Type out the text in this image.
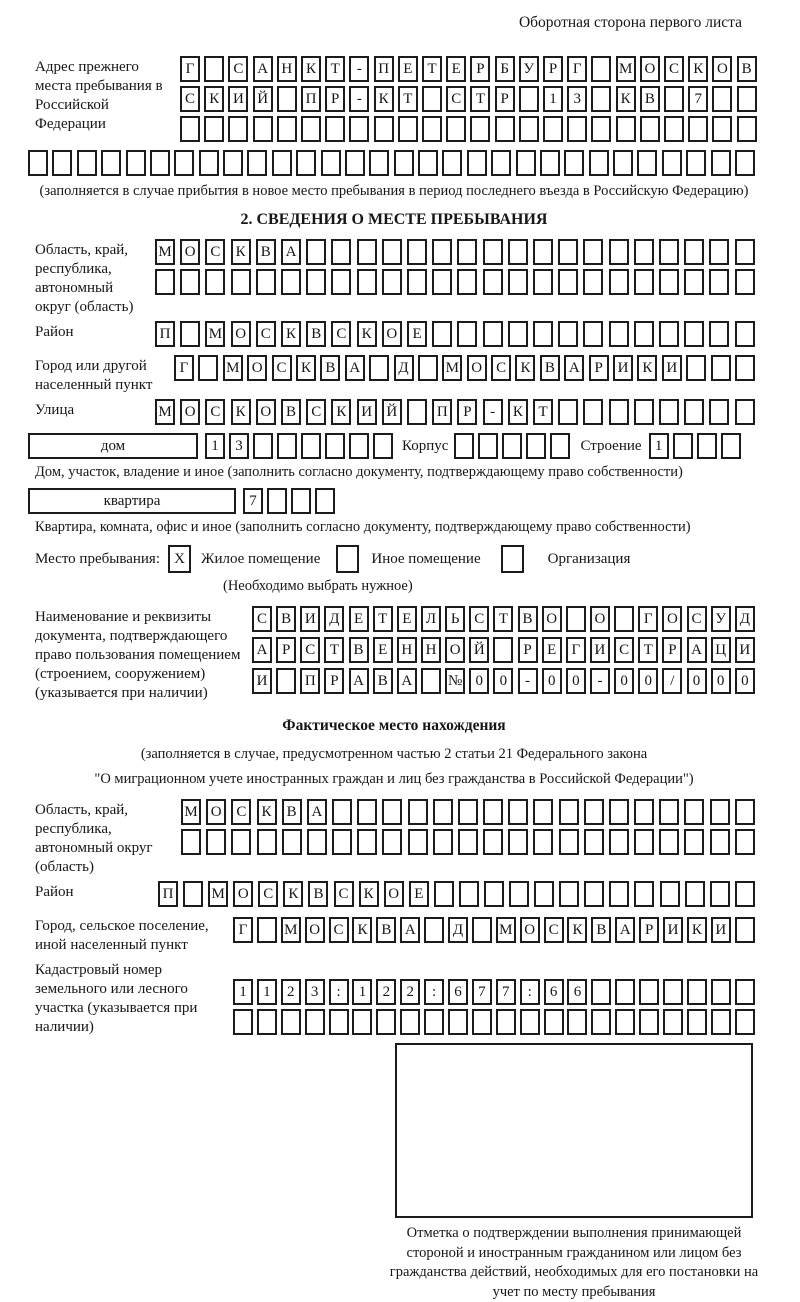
Оборотная сторона первого листа
Адрес прежнего места пребывания в Российской Федерации
Г	С А Н К Т	-	П Е	Т	Е	Р	Б У Р	Г	М О С К О В
С К И Й	П Р	-	К Т	С Т	Р	1	3	К В	7
(заполняется в случае прибытия в новое место пребывания в период последнего въезда в Российскую Федерацию)
2. СВЕДЕНИЯ О МЕСТЕ ПРЕБЫВАНИЯ
Область, край, республика, автономный округ (область)
М О С	К	В А
Район	П	М О С	К	В	С	К О	Е
Город или другой населенный пункт
Г	М О С К В А	Д	М О С К В А Р И К И
Улица	М О С	К О В	С	К И Й	П	Р	-	К	Т
дом	1	3	Корпус	Строение 1
Дом, участок, владение и иное (заполнить согласно документу, подтверждающему право собственности)
квартира	7
Квартира, комната, офис и иное (заполнить согласно документу, подтверждающему право собственности)
Место пребывания: X	Жилое помещение	Иное помещение	Организация
(Необходимо выбрать нужное)
Наименование и реквизиты документа, подтверждающего право пользования помещением (строением, сооружением) (указывается при наличии)
С В И Д Е Т Е Л Ь С Т В О	О	Г О С У Д
А Р С Т В Е Н Н О Й	Р	Е	Г И С Т	Р А Ц И
И	П Р А В А	№ 0	0	-	0	0	-	0	0	/	0	0	0
Фактическое место нахождения
(заполняется в случае, предусмотренном частью 2 статьи 21 Федерального закона
"О миграционном учете иностранных граждан и лиц без гражданства в Российской Федерации")
Область, край, республика, автономный округ (область)
М О С	К	В А
Район	П	М О С	К	В	С	К О	Е
Город, сельское поселение, иной населенный пункт
Г	М О С К В А	Д	М О С К В А Р И К И
Кадастровый номер земельного или лесного участка (указывается при наличии)
1	1	2	3	:	1	2	2	:	6	7	7	:	6	6
Отметка о подтверждении выполнения принимающей стороной и иностранным гражданином или лицом без гражданства действий, необходимых для его постановки на учет по месту пребывания
